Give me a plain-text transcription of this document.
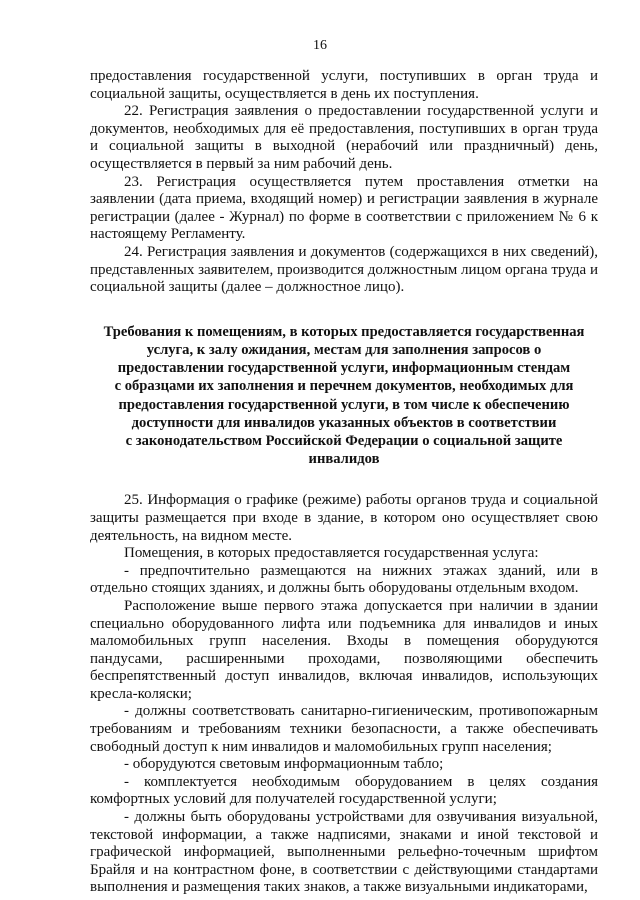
16

предоставления государственной услуги, поступивших в орган труда и социальной защиты, осуществляется в день их поступления.

22. Регистрация заявления о предоставлении государственной услуги и документов, необходимых для её предоставления, поступивших в орган труда и социальной защиты в выходной (нерабочий или праздничный) день, осуществляется в первый за ним рабочий день.

23. Регистрация осуществляется путем проставления отметки на заявлении (дата приема, входящий номер) и регистрации заявления в журнале регистрации (далее - Журнал) по форме в соответствии с приложением № 6 к настоящему Регламенту.

24. Регистрация заявления и документов (содержащихся в них сведений), представленных заявителем, производится должностным лицом органа труда и социальной защиты (далее – должностное лицо).

Требования к помещениям, в которых предоставляется государственная
услуга, к залу ожидания, местам для заполнения запросов о
предоставлении государственной услуги, информационным стендам
с образцами их заполнения и перечнем документов, необходимых для
предоставления государственной услуги, в том числе к обеспечению
доступности для инвалидов указанных объектов в соответствии
с законодательством Российской Федерации о социальной защите
инвалидов

25. Информация о графике (режиме) работы органов труда и социальной защиты размещается при входе в здание, в котором оно осуществляет свою деятельность, на видном месте.

Помещения, в которых предоставляется государственная услуга:

- предпочтительно размещаются на нижних этажах зданий, или в отдельно стоящих зданиях, и должны быть оборудованы отдельным входом.

Расположение выше первого этажа допускается при наличии в здании специально оборудованного лифта или подъемника для инвалидов и иных маломобильных групп населения. Входы в помещения оборудуются пандусами, расширенными проходами, позволяющими обеспечить беспрепятственный доступ инвалидов, включая инвалидов, использующих кресла-коляски;

- должны соответствовать санитарно-гигиеническим, противопожарным требованиям и требованиям техники безопасности, а также обеспечивать свободный доступ к ним инвалидов и маломобильных групп населения;

- оборудуются световым информационным табло;

- комплектуется необходимым оборудованием в целях создания комфортных условий для получателей государственной услуги;

- должны быть оборудованы устройствами для озвучивания визуальной, текстовой информации, а также надписями, знаками и иной текстовой и графической информацией, выполненными рельефно-точечным шрифтом Брайля и на контрастном фоне, в соответствии с действующими стандартами выполнения и размещения таких знаков, а также визуальными индикаторами,
